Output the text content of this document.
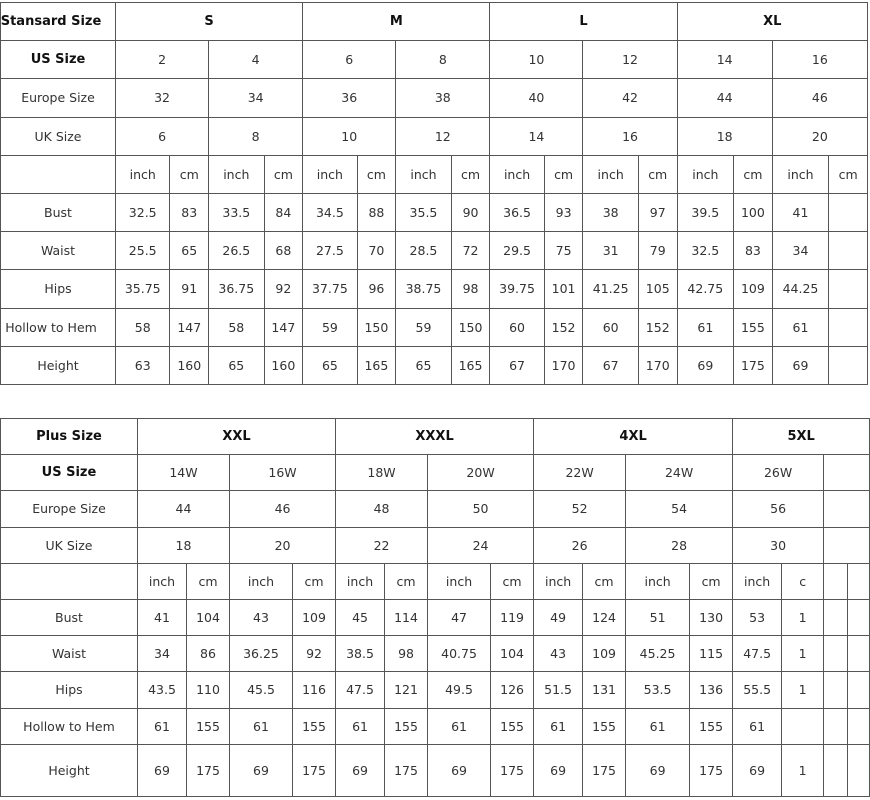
Stansard Size	S				M				L				XL			
US Size	2		4		6		8		10		12		14		16	
Europe Size	32		34		36		38		40		42		44		46	
UK Size	6		8		10		12		14		16		18		20	
	inch	cm	inch	cm	inch	cm	inch	cm	inch	cm	inch	cm	inch	cm	inch	cm
Bust	32.5	83	33.5	84	34.5	88	35.5	90	36.5	93	38	97	39.5	100	41	
Waist	25.5	65	26.5	68	27.5	70	28.5	72	29.5	75	31	79	32.5	83	34	
Hips	35.75	91	36.75	92	37.75	96	38.75	98	39.75	101	41.25	105	42.75	109	44.25	
Hollow to Hem	58	147	58	147	59	150	59	150	60	152	60	152	61	155	61	
Height	63	160	65	160	65	165	65	165	67	170	67	170	69	175	69	
Plus Size	XXL				XXXL				4XL				5XL			
US Size	14W		16W		18W		20W		22W		24W		26W			
Europe Size	44		46		48		50		52		54		56			
UK Size	18		20		22		24		26		28		30			
	inch	cm	inch	cm	inch	cm	inch	cm	inch	cm	inch	cm	inch	c		
Bust	41	104	43	109	45	114	47	119	49	124	51	130	53	1		
Waist	34	86	36.25	92	38.5	98	40.75	104	43	109	45.25	115	47.5	1		
Hips	43.5	110	45.5	116	47.5	121	49.5	126	51.5	131	53.5	136	55.5	1		
Hollow to Hem	61	155	61	155	61	155	61	155	61	155	61	155	61			
Height	69	175	69	175	69	175	69	175	69	175	69	175	69	1		
